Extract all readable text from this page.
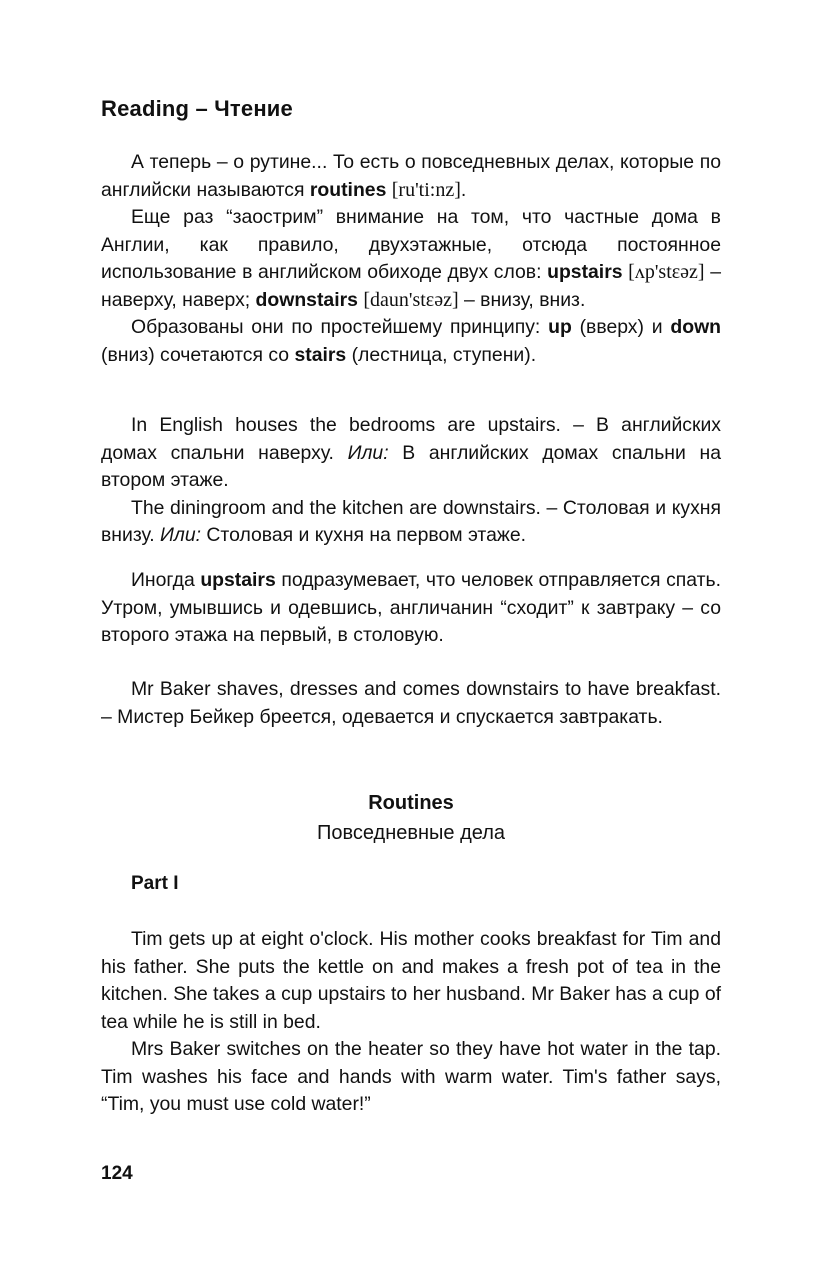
Reading – Чтение

А теперь – о рутине... То есть о повседневных делах, которые по английски называются routines [ru'ti:nz].

Еще раз “заострим” внимание на том, что частные дома в Англии, как правило, двухэтажные, отсюда постоянное использование в английском обиходе двух слов: upstairs [ʌp'stɛəz] – наверху, наверх; downstairs [daun'stɛəz] – внизу, вниз.

Образованы они по простейшему принципу: up (вверх) и down (вниз) сочетаются со stairs (лестница, ступени).

In English houses the bedrooms are upstairs. – В английских домах спальни наверху. Или: В английских домах спальни на втором этаже.

The diningroom and the kitchen are downstairs. – Столовая и кухня внизу. Или: Столовая и кухня на первом этаже.

Иногда upstairs подразумевает, что человек отправляется спать. Утром, умывшись и одевшись, англичанин “сходит” к завтраку – со второго этажа на первый, в столовую.

Mr Baker shaves, dresses and comes downstairs to have breakfast. – Мистер Бейкер бреется, одевается и спускается завтракать.

Routines
Повседневные дела
Part I

Tim gets up at eight o'clock. His mother cooks breakfast for Tim and his father. She puts the kettle on and makes a fresh pot of tea in the kitchen. She takes a cup upstairs to her husband. Mr Baker has a cup of tea while he is still in bed.

Mrs Baker switches on the heater so they have hot water in the tap. Tim washes his face and hands with warm water. Tim's father says, “Tim, you must use cold water!”

124
